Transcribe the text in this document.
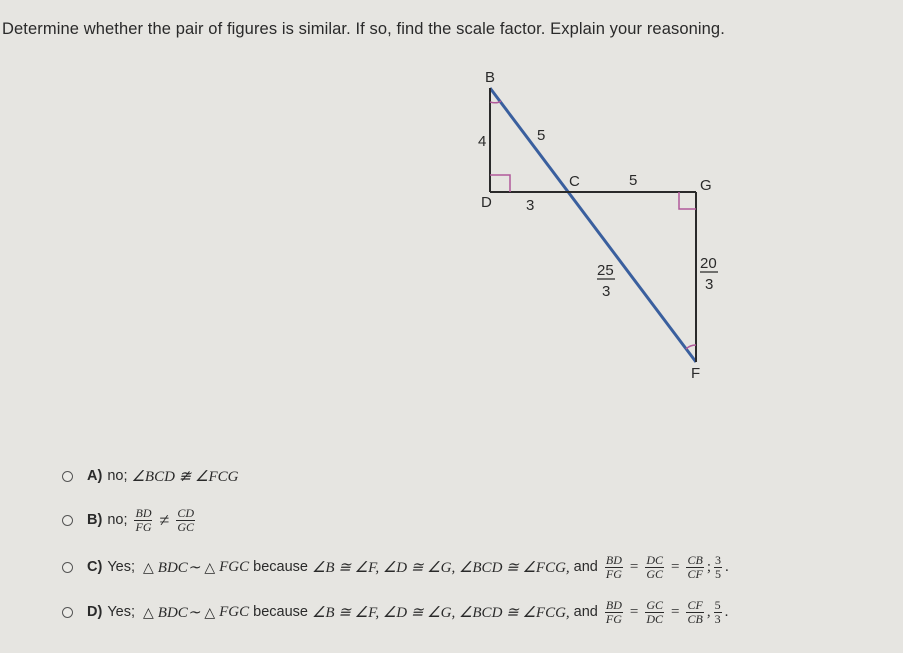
Determine whether the pair of figures is similar. If so, find the scale factor. Explain your reasoning.
B
C
D
G
F
4	5
3
5
25
3
20
3
A) no; ∠BCD ≇ ∠FCG
B) no; $\frac{BD}{FG} \ne \frac{CD}{GC}$
C) Yes; △ BDC∼ △ FGC because ∠B ≅ ∠F, ∠D ≅ ∠G, ∠BCD ≅ ∠FCG, and $\frac{BD}{FG} = \frac{DC}{GC} = \frac{CB}{CF}$ ; $\frac{3}{5}$ .
D) Yes; △ BDC∼ △ FGC because ∠B ≅ ∠F, ∠D ≅ ∠G, ∠BCD ≅ ∠FCG, and $\frac{BD}{FG} = \frac{GC}{DC} = \frac{CF}{CB}$ , $\frac{5}{3}$ .
